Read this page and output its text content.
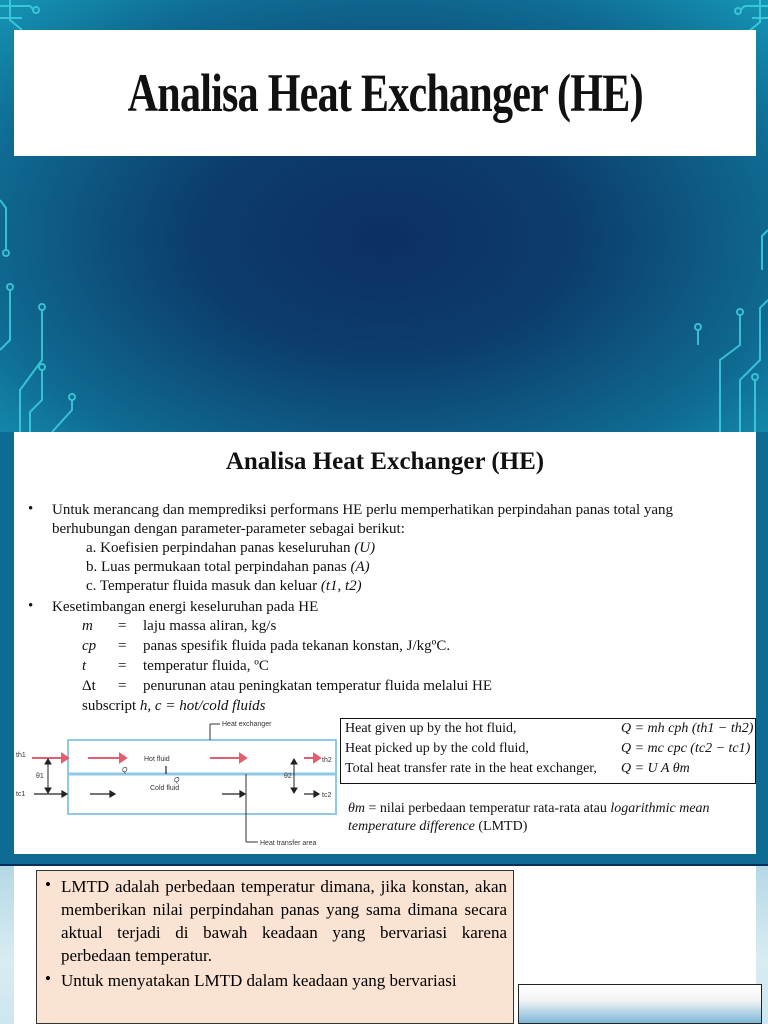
Analisa Heat Exchanger (HE)
Analisa Heat Exchanger (HE)
• Untuk merancang dan memprediksi performans HE perlu memperhatikan perpindahan panas total yang
berhubungan dengan parameter-parameter sebagai berikut:
a. Koefisien perpindahan panas keseluruhan (U)
b. Luas permukaan total perpindahan panas (A)
c. Temperatur fluida masuk dan keluar (t1, t2)
• Kesetimbangan energi keseluruhan pada HE
m = laju massa aliran, kg/s
cp = panas spesifik fluida pada tekanan konstan, J/kgºC.
t = temperatur fluida, ºC
Δt = penurunan atau peningkatan temperatur fluida melalui HE
subscript h, c = hot/cold fluids
Heat exchanger
Hot fluid
Cold fluid
Q
Q
θ1	θ2
th1
th2
tc1	tc2
Heat transfer area
Heat given up by the hot fluid,	Q = mh cph (th1 − th2)
Heat picked up by the cold fluid,	Q = mc cpc (tc2 − tc1)
Total heat transfer rate in the heat exchanger, Q = U A θm
θm = nilai perbedaan temperatur rata-rata atau logarithmic mean temperature difference (LMTD)
• LMTD adalah perbedaan temperatur dimana, jika konstan, akan memberikan nilai perpindahan panas yang sama dimana secara aktual terjadi di bawah keadaan yang bervariasi karena perbedaan temperatur.
• Untuk menyatakan LMTD dalam keadaan yang bervariasi
